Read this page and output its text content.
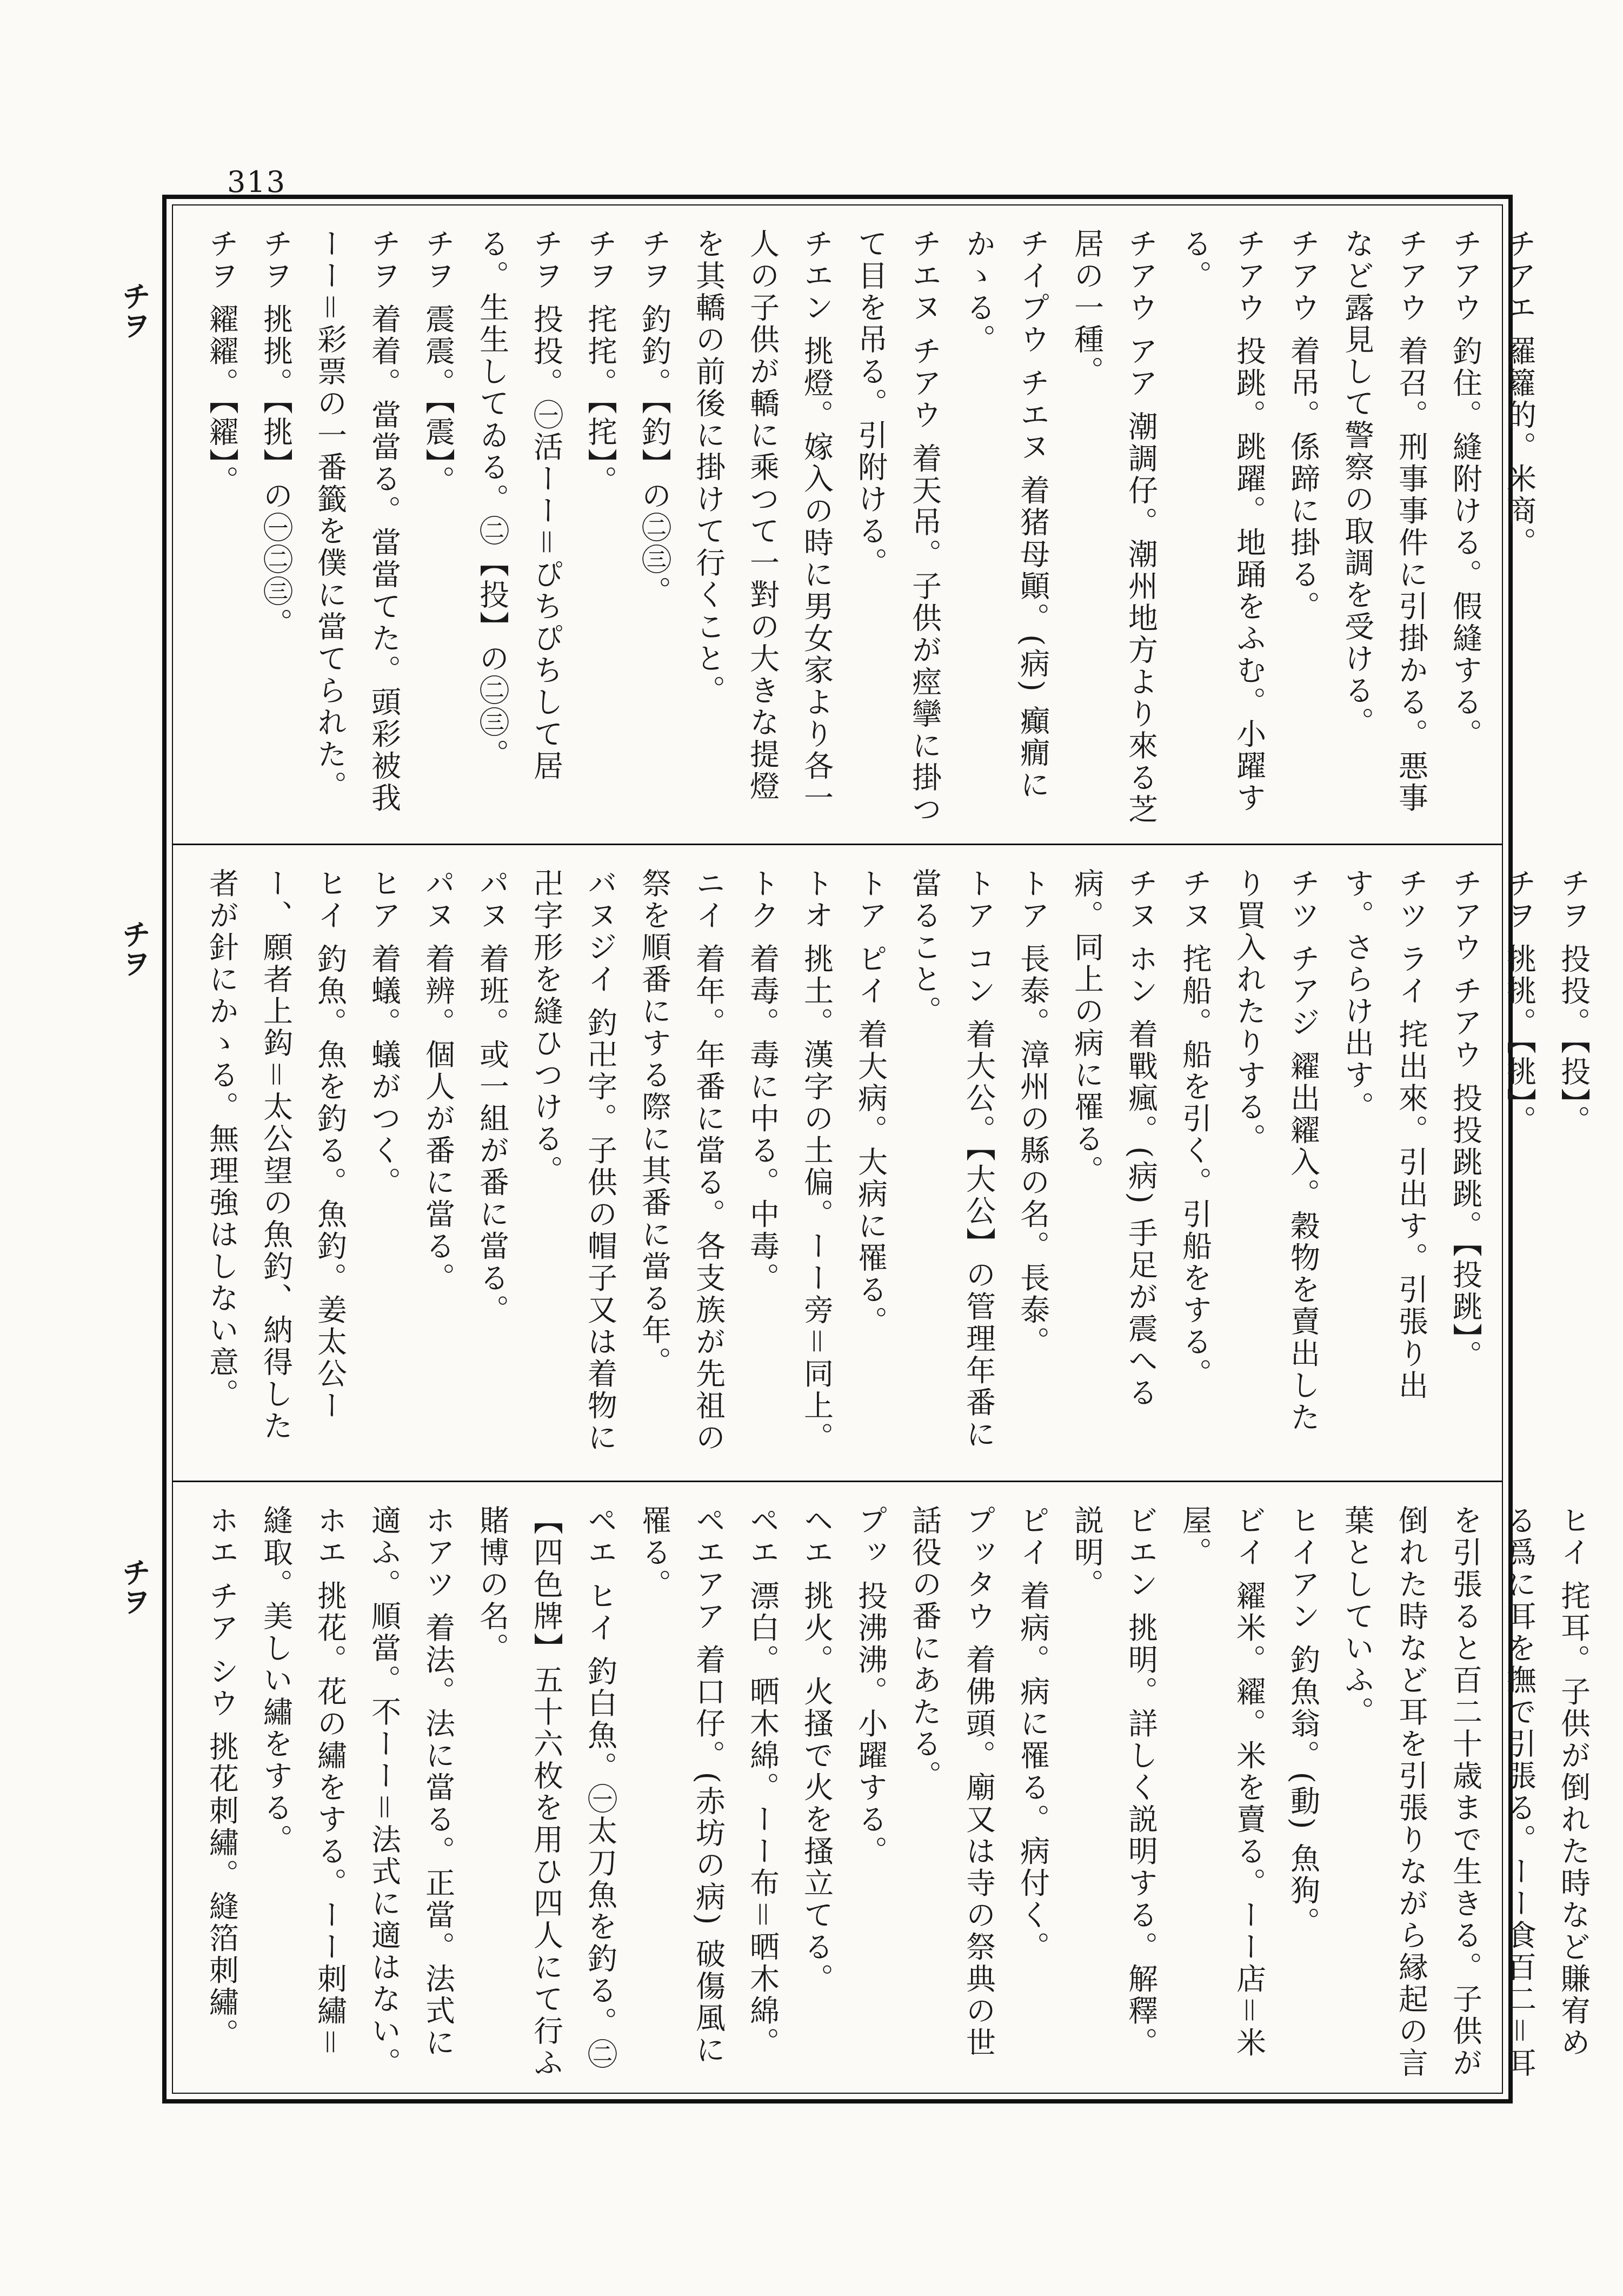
313
チヲ
チヲ
チヲ
チアエ 羅籮的。米商。
チアウ 釣住。縫附ける。假縫する。
チアウ 着召。刑事事件に引掛かる。悪事など露見して警察の取調を受ける。
チアウ 着吊。係蹄に掛る。
チアウ 投跳。跳躍。地踊をふむ。小躍する。
チアウ アア 潮調仔。潮州地方より來る芝居の一種。
チイプウ チエヌ 着猪母顚。(病) 癲癇にかゝる。
チエヌ チアウ 着天吊。子供が痙攣に掛つて目を吊る。引附ける。
チエン 挑燈。嫁入の時に男女家より各一人の子供が轎に乘つて一對の大きな提燈を其轎の前後に掛けて行くこと。
チヲ 釣釣。【釣】の㊁㊂。
チヲ 挓挓。【挓】。
チヲ 投投。㊀活ーー＝ぴちぴちして居る。生生してゐる。㊁【投】の㊁㊂。
チヲ 震震。【震】。
チヲ 着着。當當る。當當てた。頭彩被我ーー＝彩票の一番籤を僕に當てられた。
チヲ 挑挑。【挑】の㊀㊁㊂。
チヲ 糴糴。【糴】。
チヲ 投投。【投】。
チヲ 挑挑。【挑】。
チアウ チアウ 投投跳跳。【投跳】。
チツ ライ 挓出來。引出す。引張り出す。さらけ出す。
チツ チアジ 糴出糴入。穀物を賣出したり買入れたりする。
チヌ 挓船。船を引く。引船をする。
チヌ ホン 着戰瘋。(病) 手足が震へる病。同上の病に罹る。
トア 長泰。漳州の縣の名。長泰。
トア コン 着大公。【大公】の管理年番に當ること。
トア ピイ 着大病。大病に罹る。
トオ 挑土。漢字の土偏。ーー旁＝同上。
トク 着毒。毒に中る。中毒。
ニイ 着年。年番に當る。各支族が先祖の祭を順番にする際に其番に當る年。
バヌジイ 釣卍字。子供の帽子又は着物に卍字形を縫ひつける。
パヌ 着班。或一組が番に當る。
パヌ 着辨。個人が番に當る。
ヒア 着蟻。蟻がつく。
ヒイ 釣魚。魚を釣る。魚釣。姜太公ーー、願者上鈎＝太公望の魚釣、納得した者が針にかゝる。無理強はしない意。
ヒイ 挓耳。子供が倒れた時など賺宥める爲に耳を撫で引張る。ーー食百二＝耳を引張ると百二十歳まで生きる。子供が倒れた時など耳を引張りながら縁起の言葉としていふ。
ヒイアン 釣魚翁。(動) 魚狗。
ビイ 糴米。糴。米を賣る。ーー店＝米屋。
ビエン 挑明。詳しく説明する。解釋。説明。
ピイ 着病。病に罹る。病付く。
プッタウ 着佛頭。廟又は寺の祭典の世話役の番にあたる。
プッ 投沸沸。小躍する。
ヘエ 挑火。火搔で火を搔立てる。
ペエ 漂白。晒木綿。ーー布＝晒木綿。
ペエアア 着口仔。(赤坊の病) 破傷風に罹る。
ペエ ヒイ 釣白魚。㊀太刀魚を釣る。㊁【四色牌】五十六枚を用ひ四人にて行ふ賭博の名。
ホアツ 着法。法に當る。正當。法式に適ふ。順當。不ーー＝法式に適はない。
ホエ 挑花。花の繡をする。ーー刺繡＝縫取。美しい繡をする。
ホエ チア シウ 挑花刺繡。縫箔刺繡。
